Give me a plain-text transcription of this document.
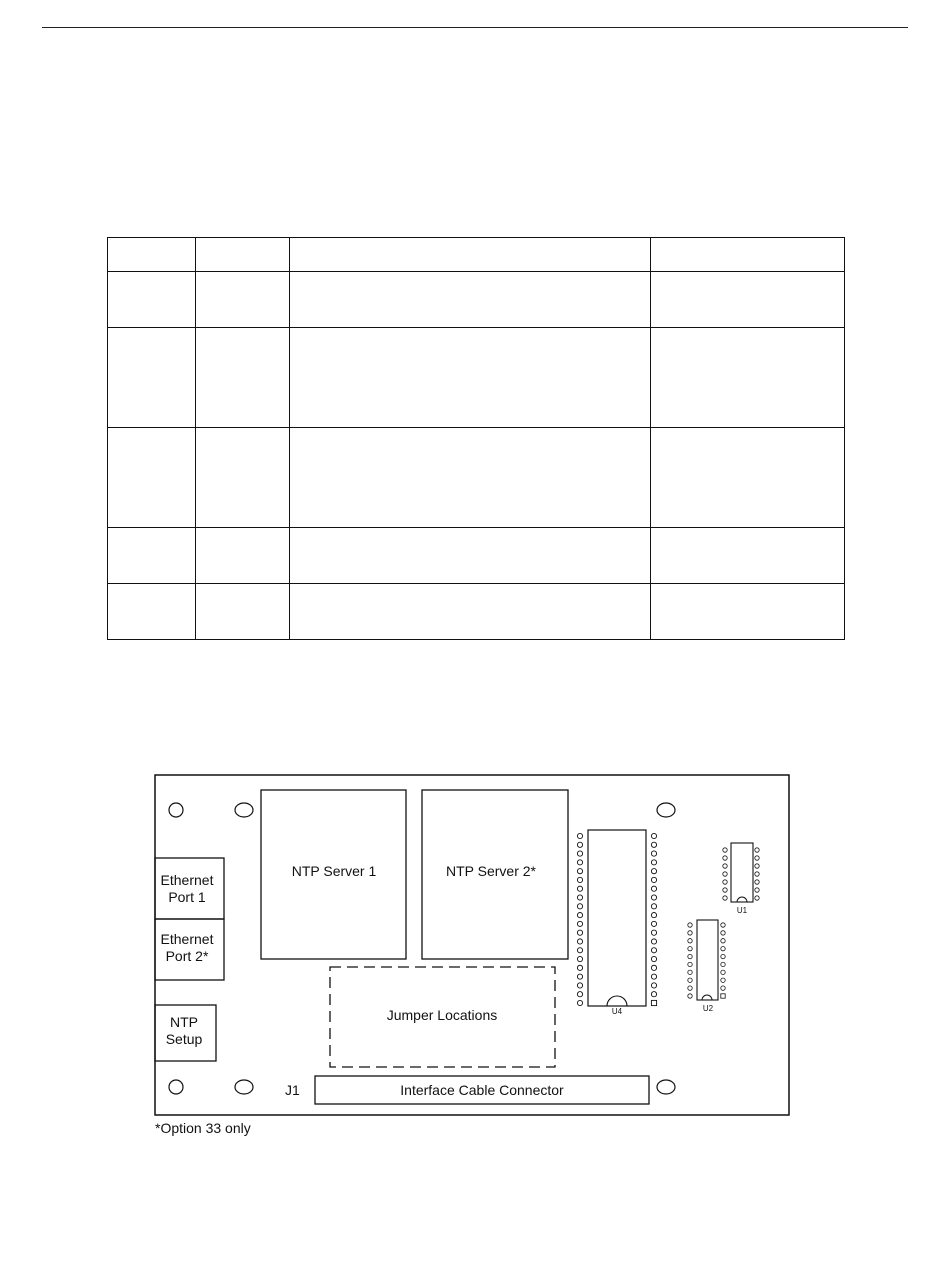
NTP Server 1	NTP Server 2*
Ethernet
Port 1
Ethernet
Port 2*
NTP
Setup
Jumper Locations
J1	Interface Cable Connector
U4
U1
U2
*Option 33 only
